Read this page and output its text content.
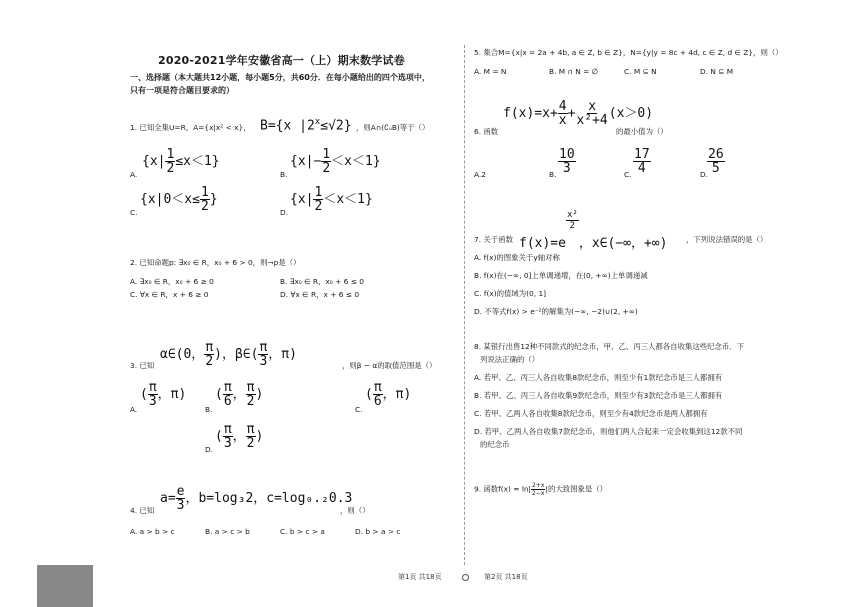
2020-2021学年安徽省高一（上）期末数学试卷
一、选择题（本大题共12小题，每小题5分，共60分．在每小题给出的四个选项中，
只有一项是符合题目要求的）
1. 已知全集U=R，A={x|x² < x}， B={x $|2^x\le√2$} ，则A∩(∁ᵤB)等于（）
$\{x| \frac{1}{2} \le x<1\}$
A.
$\{x|- \frac{1}{2} <x<1\}$
B.
{$x|0<x\le \frac{1}{2}$ }
C.
$\{x| \frac{1}{2} <x<1\}$
D.
2. 已知命题p: ∃x₀ ∈ R，x₀ + 6 > 0，则¬p是（）
A. ∃x₀ ∈ R，x₀ + 6 ≥ 0	B. ∃x₀ ∈ R，x₀ + 6 ≤ 0
C. ∀x ∈ R，x + 6 ≥ 0	D. ∀x ∈ R，x + 6 ≤ 0
α∈(0， $\frac{\pi}{2}$ )，β∈( $\frac{\pi}{3}$ ，π)
3. 已知	，则β − α的取值范围是（）
( $\frac{\pi}{3}$ ，π)
A.
( $\frac{\pi}{6}$ ， $\frac{\pi}{2}$ )
B.
( $\frac{\pi}{6}$ ，π)
C.
( $\frac{\pi}{3}$ ， $\frac{\pi}{2}$ )
D.
$a= \frac{e}{3}$ ，b=log₃2，c=log₀.₂0.3
4. 已知	，则（）
A. a > b > c	B. a > c > b	C. b > c > a	D. b > a > c
5. 集合M={x|x = 2a + 4b, a ∈ Z, b ∈ Z}，N={y|y = 8c + 4d, c ∈ Z, d ∈ Z}，则（）
A. M = N	B. M ∩ N = ∅	C. M ⊆ N	D. N ⊆ M
$f(x)=x+ \frac{4}{x} + \frac{x}{\text{x²+4}} (x>0)$
6. 函数	的最小值为（）
A.2	B. $\frac{10}{3}$	C. $\frac{17}{4}$	D.
$\frac{26}{5}$
7. 关于函数 f(x)=e
$\frac{\text{x²}}{2}$
，x∈(−∞，+∞)	，下列说法错误的是（）
A. f(x)的图象关于y轴对称
B. f(x)在(−∞, 0]上单调递增，在(0, +∞)上单调递减
C. f(x)的值域为(0, 1]
D. 不等式f(x) > e⁻²的解集为(−∞, −2)∪(2, +∞)
8. 某银行出售12种不同款式的纪念币，甲、乙、丙三人都各自收集这些纪念币．下
列说法正确的（）
A. 若甲、乙、丙三人各自收集8款纪念币，则至少有1款纪念币是三人都拥有
B. 若甲、乙、丙三人各自收集9款纪念币，则至少有3款纪念币是三人都拥有
C. 若甲、乙两人各自收集8款纪念币，则至少有4款纪念币是两人都拥有
D. 若甲、乙两人各自收集7款纪念币，则他们两人合起来一定会收集到这12款不同
的纪念币
9. 函数$f(x) = \ln| \frac{2+x}{2-x}$ |的大致图象是（）
第1页 共18页	第2页 共18页
